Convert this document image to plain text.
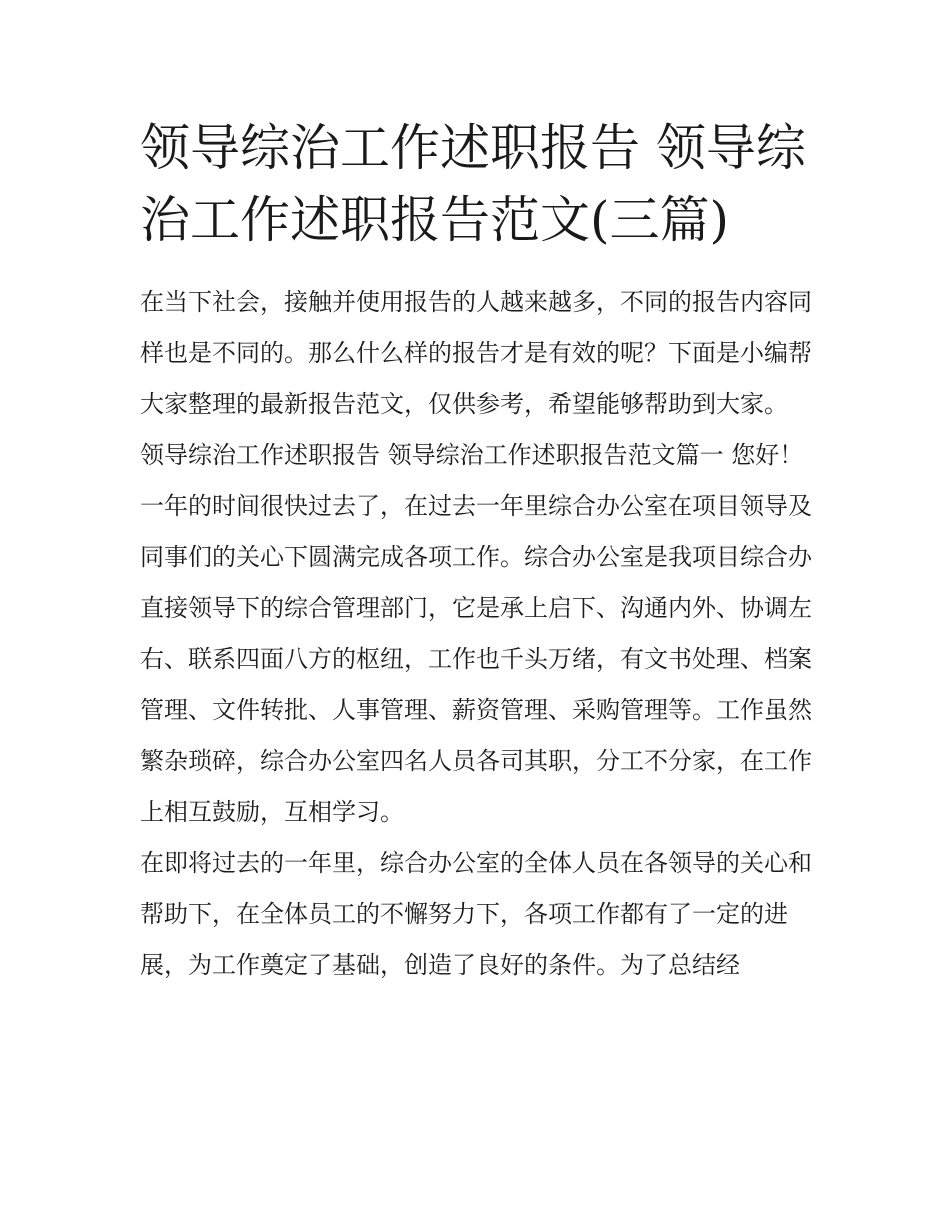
领导综治工作述职报告 领导综治工作述职报告范文(三篇)

在当下社会，接触并使用报告的人越来越多，不同的报告内容同样也是不同的。那么什么样的报告才是有效的呢？下面是小编帮大家整理的最新报告范文，仅供参考，希望能够帮助到大家。

领导综治工作述职报告 领导综治工作述职报告范文篇一 您好！

一年的时间很快过去了，在过去一年里综合办公室在项目领导及同事们的关心下圆满完成各项工作。综合办公室是我项目综合办直接领导下的综合管理部门，它是承上启下、沟通内外、协调左右、联系四面八方的枢纽，工作也千头万绪，有文书处理、档案管理、文件转批、人事管理、薪资管理、采购管理等。工作虽然繁杂琐碎，综合办公室四名人员各司其职，分工不分家，在工作上相互鼓励，互相学习。

在即将过去的一年里，综合办公室的全体人员在各领导的关心和帮助下，在全体员工的不懈努力下，各项工作都有了一定的进展，为工作奠定了基础，创造了良好的条件。为了总结经
